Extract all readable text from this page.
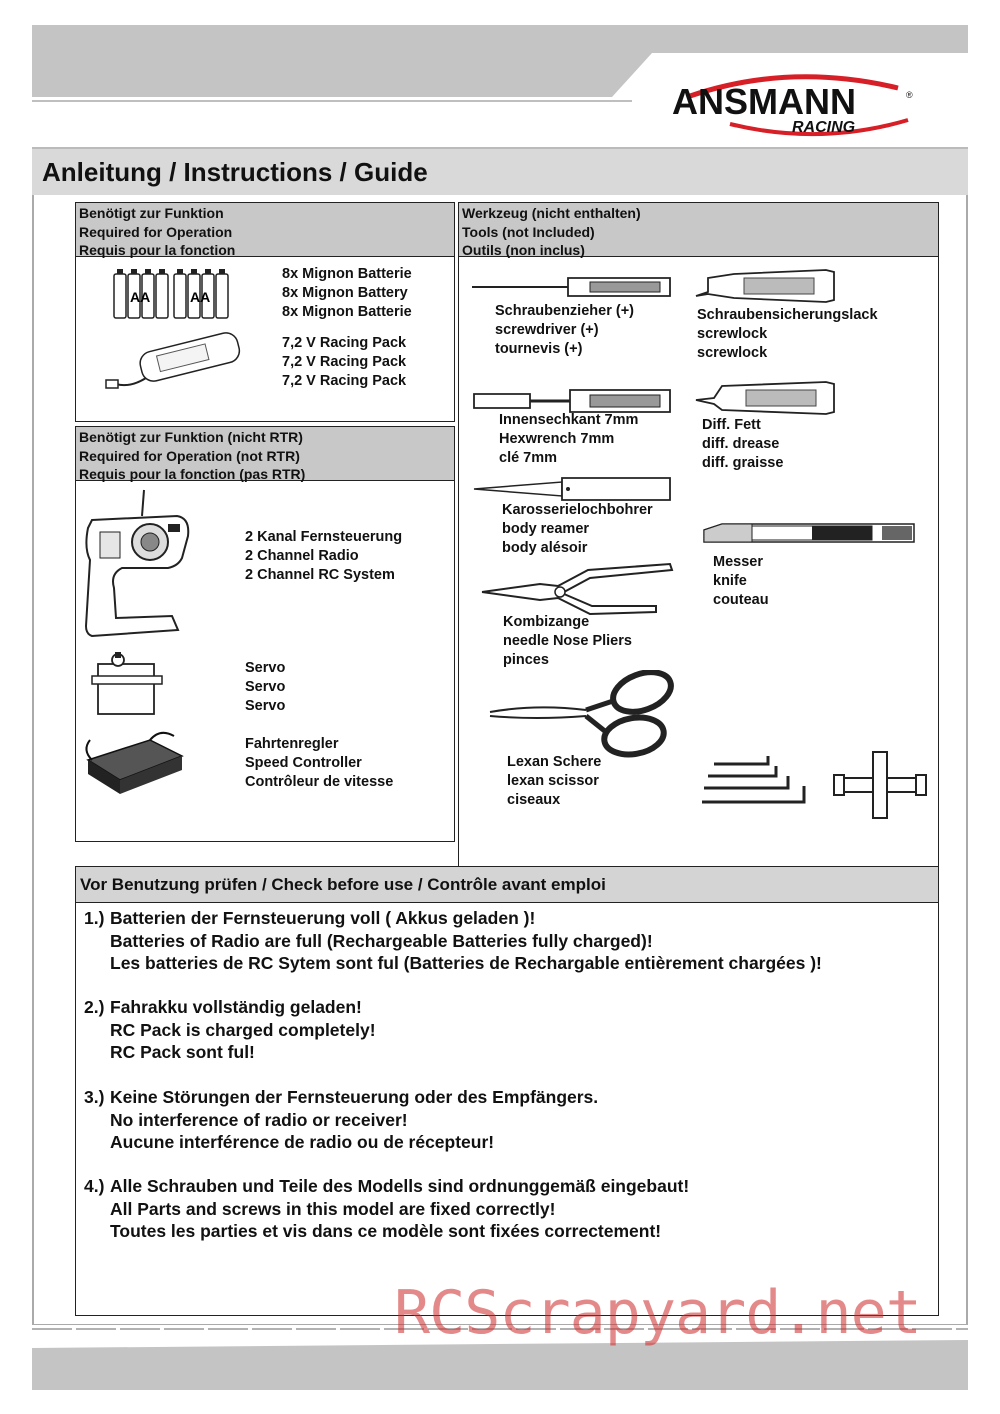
ANSMANN
RACING
®
Anleitung / Instructions / Guide
Benötigt zur Funktion
Required for Operation
Requis pour la fonction
AA	AA
8x Mignon Batterie
8x Mignon Battery
8x Mignon Batterie
7,2 V Racing Pack
7,2 V Racing Pack
7,2 V Racing Pack
Benötigt zur Funktion (nicht RTR)
Required for Operation (not RTR)
Requis pour la fonction (pas RTR)
2 Kanal Fernsteuerung
2 Channel Radio
2 Channel RC System
Servo
Servo
Servo
Fahrtenregler
Speed Controller
Contrôleur de vitesse
Werkzeug (nicht enthalten)
Tools (not Included)
Outils (non inclus)
Schraubenzieher (+)
screwdriver (+)
tournevis (+)
Schraubensicherungslack
screwlock
screwlock
Innensechkant 7mm
Hexwrench 7mm
clé 7mm
Diff. Fett
diff. drease
diff. graisse
Karosserielochbohrer
body reamer
body alésoir
Messer
knife
couteau
Kombizange
needle Nose Pliers
pinces
Lexan Schere
lexan scissor
ciseaux
Vor Benutzung prüfen / Check before use / Contrôle avant emploi
1.) Batterien der Fernsteuerung voll ( Akkus geladen )!
Batteries of Radio are full (Rechargeable Batteries fully charged)!
Les batteries de RC Sytem sont ful (Batteries de Rechargable entièrement chargées )!
2.) Fahrakku vollständig geladen!
RC Pack is charged completely!
RC Pack sont ful!
3.) Keine Störungen der Fernsteuerung oder des Empfängers.
No interference of radio or receiver!
Aucune interférence de radio ou de récepteur!
4.) Alle Schrauben und Teile des Modells sind ordnunggemäß eingebaut!
All Parts and screws in this model are fixed correctly!
Toutes les parties et vis dans ce modèle sont fixées correctement!
RCScrapyard.net
